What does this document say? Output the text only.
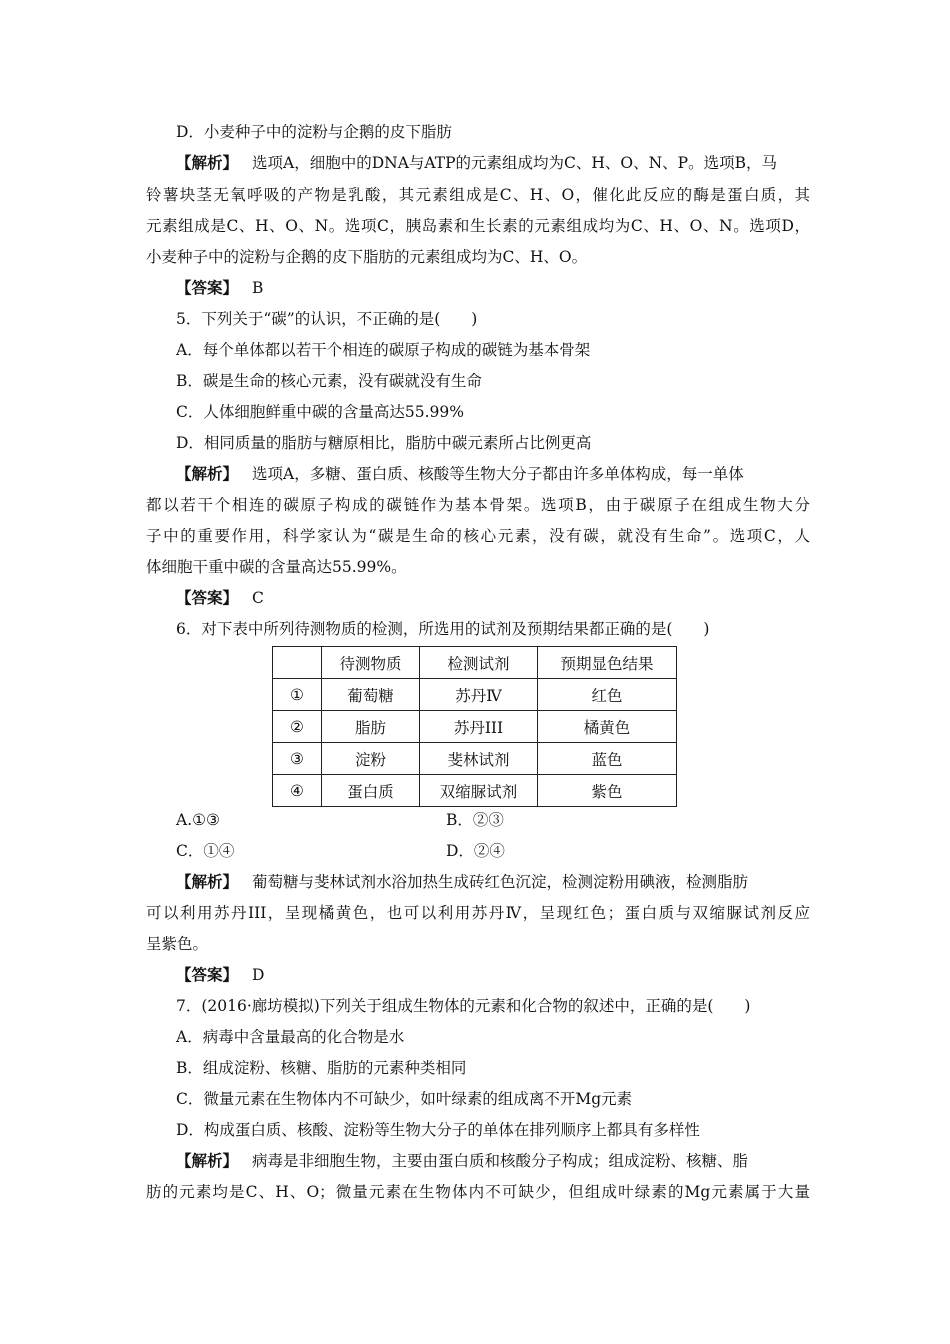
D．小麦种子中的淀粉与企鹅的皮下脂肪
【解析】 选项A，细胞中的DNA与ATP的元素组成均为C、H、O、N、P。选项B，马
铃薯块茎无氧呼吸的产物是乳酸，其元素组成是C、H、O，催化此反应的酶是蛋白质，其
元素组成是C、H、O、N。选项C，胰岛素和生长素的元素组成均为C、H、O、N。选项D，
小麦种子中的淀粉与企鹅的皮下脂肪的元素组成均为C、H、O。
【答案】 B
5．下列关于“碳”的认识，不正确的是(　　)
A．每个单体都以若干个相连的碳原子构成的碳链为基本骨架
B．碳是生命的核心元素，没有碳就没有生命
C．人体细胞鲜重中碳的含量高达55.99%
D．相同质量的脂肪与糖原相比，脂肪中碳元素所占比例更高
【解析】 选项A，多糖、蛋白质、核酸等生物大分子都由许多单体构成，每一单体
都以若干个相连的碳原子构成的碳链作为基本骨架。选项B，由于碳原子在组成生物大分
子中的重要作用，科学家认为“碳是生命的核心元素，没有碳，就没有生命”。选项C，人
体细胞干重中碳的含量高达55.99%。
【答案】 C
6．对下表中所列待测物质的检测，所选用的试剂及预期结果都正确的是(　　)
	待测物质	检测试剂	预期显色结果
①	葡萄糖	苏丹Ⅳ	红色
②	脂肪	苏丹III	橘黄色
③	淀粉	斐林试剂	蓝色
④	蛋白质	双缩脲试剂	紫色
A.①③	B．②③
C．①④	D．②④
【解析】 葡萄糖与斐林试剂水浴加热生成砖红色沉淀，检测淀粉用碘液，检测脂肪
可以利用苏丹III，呈现橘黄色，也可以利用苏丹Ⅳ，呈现红色；蛋白质与双缩脲试剂反应
呈紫色。
【答案】 D
7．(2016·廊坊模拟)下列关于组成生物体的元素和化合物的叙述中，正确的是(　　)
A．病毒中含量最高的化合物是水
B．组成淀粉、核糖、脂肪的元素种类相同
C．微量元素在生物体内不可缺少，如叶绿素的组成离不开Mg元素
D．构成蛋白质、核酸、淀粉等生物大分子的单体在排列顺序上都具有多样性
【解析】 病毒是非细胞生物，主要由蛋白质和核酸分子构成；组成淀粉、核糖、脂
肪的元素均是C、H、O；微量元素在生物体内不可缺少，但组成叶绿素的Mg元素属于大量
